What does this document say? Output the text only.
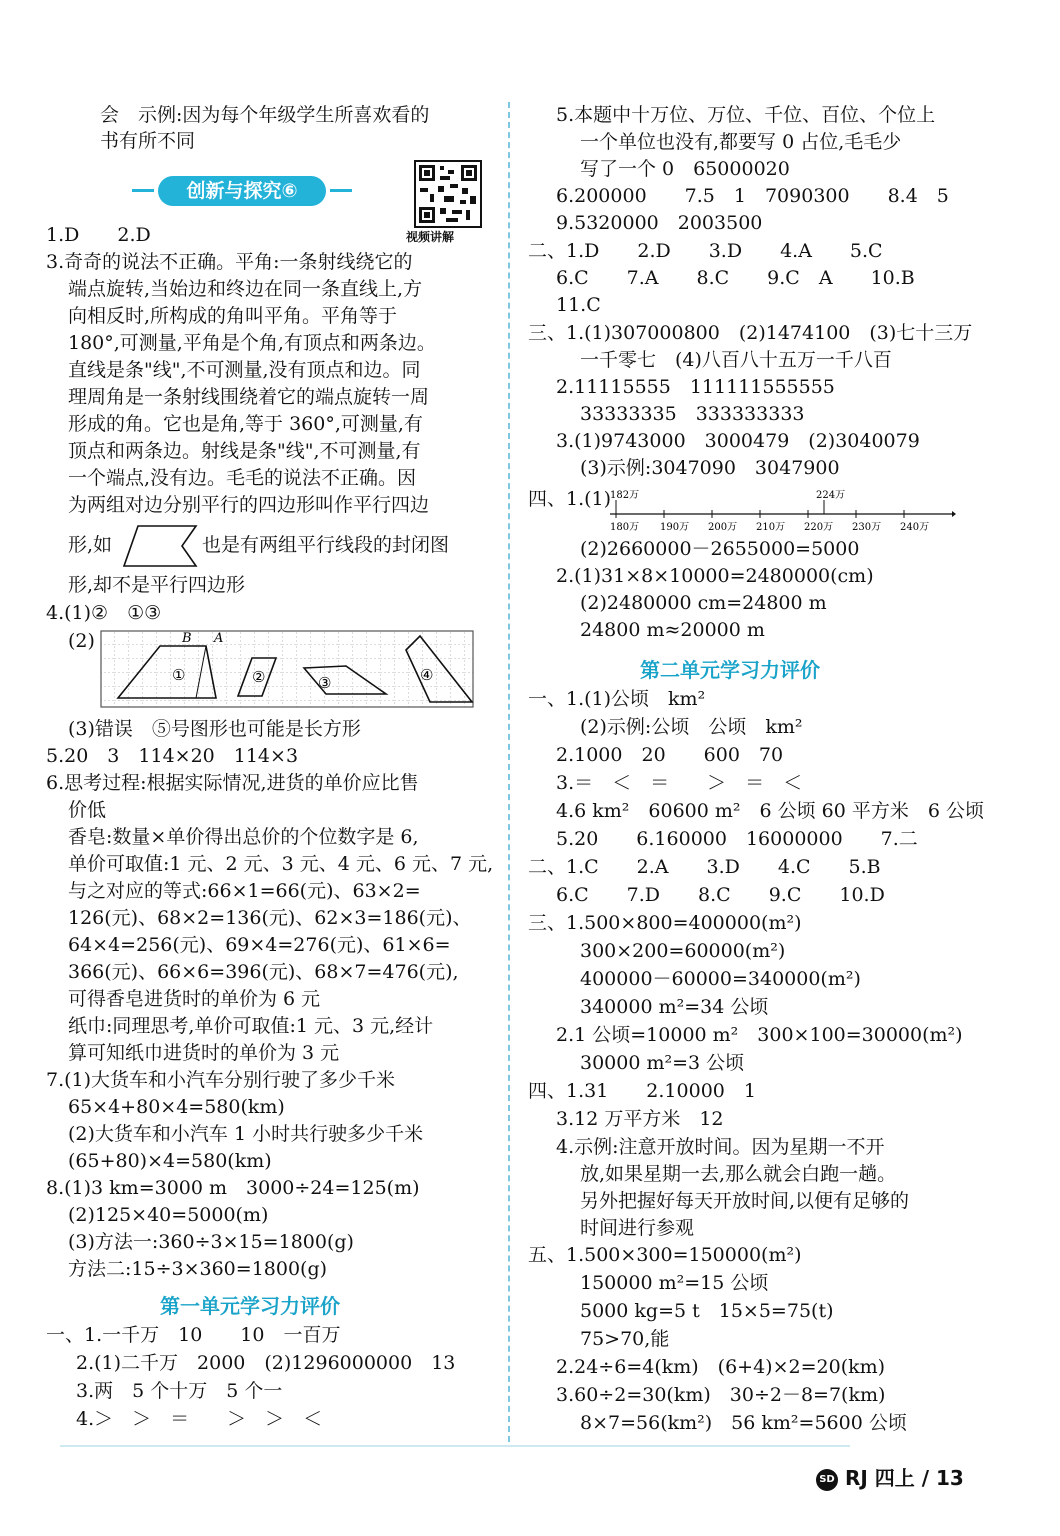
会　示例:因为每个年级学生所喜欢看的
书有所不同
创新与探究⑥
视频讲解
1.D　　2.D
3.奇奇的说法不正确。平角:一条射线绕它的
端点旋转,当始边和终边在同一条直线上,方
向相反时,所构成的角叫平角。平角等于
180°,可测量,平角是个角,有顶点和两条边。
直线是条"线",不可测量,没有顶点和边。同
理周角是一条射线围绕着它的端点旋转一周
形成的角。它也是角,等于 360°,可测量,有
顶点和两条边。射线是条"线",不可测量,有
一个端点,没有边。毛毛的说法不正确。因
为两组对边分别平行的四边形叫作平行四边
形,如	也是有两组平行线段的封闭图
形,却不是平行四边形
4.(1)②　①③
(2)	A
B
①	②	③	④
(3)错误　⑤号图形也可能是长方形
5.20　3　114×20　114×3
6.思考过程:根据实际情况,进货的单价应比售
价低
香皂:数量×单价得出总价的个位数字是 6,
单价可取值:1 元、2 元、3 元、4 元、6 元、7 元,
与之对应的等式:66×1=66(元)、63×2=
126(元)、68×2=136(元)、62×3=186(元)、
64×4=256(元)、69×4=276(元)、61×6=
366(元)、66×6=396(元)、68×7=476(元),
可得香皂进货时的单价为 6 元
纸巾:同理思考,单价可取值:1 元、3 元,经计
算可知纸巾进货时的单价为 3 元
7.(1)大货车和小汽车分别行驶了多少千米
65×4+80×4=580(km)
(2)大货车和小汽车 1 小时共行驶多少千米
(65+80)×4=580(km)
8.(1)3 km=3000 m　3000÷24=125(m)
(2)125×40=5000(m)
(3)方法一:360÷3×15=1800(g)
方法二:15÷3×360=1800(g)
第一单元学习力评价
一、1.一千万　10　　10　一百万
2.(1)二千万　2000　(2)1296000000　13
3.两　5 个十万　5 个一
4.＞　＞　＝　　＞　＞　＜
5.本题中十万位、万位、千位、百位、个位上
一个单位也没有,都要写 0 占位,毛毛少
写了一个 0　65000020
6.200000　　7.5　1　7090300　　8.4　5
9.5320000　2003500
二、1.D　　2.D　　3.D　　4.A　　5.C
6.C　　7.A　　8.C　　9.C　A　　10.B
11.C
三、1.(1)307000800　(2)1474100　(3)七十三万
一千零七　(4)八百八十五万一千八百
2.11115555　111111555555
33333335　333333333
3.(1)9743000　3000479　(2)3040079
(3)示例:3047090　3047900
四、1.(1)
182万	224万
180万 190万 200万 210万 220万 230万 240万
(2)2660000－2655000=5000
2.(1)31×8×10000=2480000(cm)
(2)2480000 cm=24800 m
24800 m≈20000 m
第二单元学习力评价
一、1.(1)公顷　km²
(2)示例:公顷　公顷　km²
2.1000　20　　600　70
3.＝　＜　＝　　＞　＝　＜
4.6 km²　60600 m²　6 公顷 60 平方米　6 公顷
5.20　　6.160000　16000000　　7.二
二、1.C　　2.A　　3.D　　4.C　　5.B
6.C　　7.D　　8.C　　9.C　　10.D
三、1.500×800=400000(m²)
300×200=60000(m²)
400000－60000=340000(m²)
340000 m²=34 公顷
2.1 公顷=10000 m²　300×100=30000(m²)
30000 m²=3 公顷
四、1.31　　2.10000　1
3.12 万平方米　12
4.示例:注意开放时间。因为星期一不开
放,如果星期一去,那么就会白跑一趟。
另外把握好每天开放时间,以便有足够的
时间进行参观
五、1.500×300=150000(m²)
150000 m²=15 公顷
5000 kg=5 t　15×5=75(t)
75>70,能
2.24÷6=4(km)　(6+4)×2=20(km)
3.60÷2=30(km)　30÷2－8=7(km)
8×7=56(km²)　56 km²=5600 公顷
SD RJ 四上 / 13
